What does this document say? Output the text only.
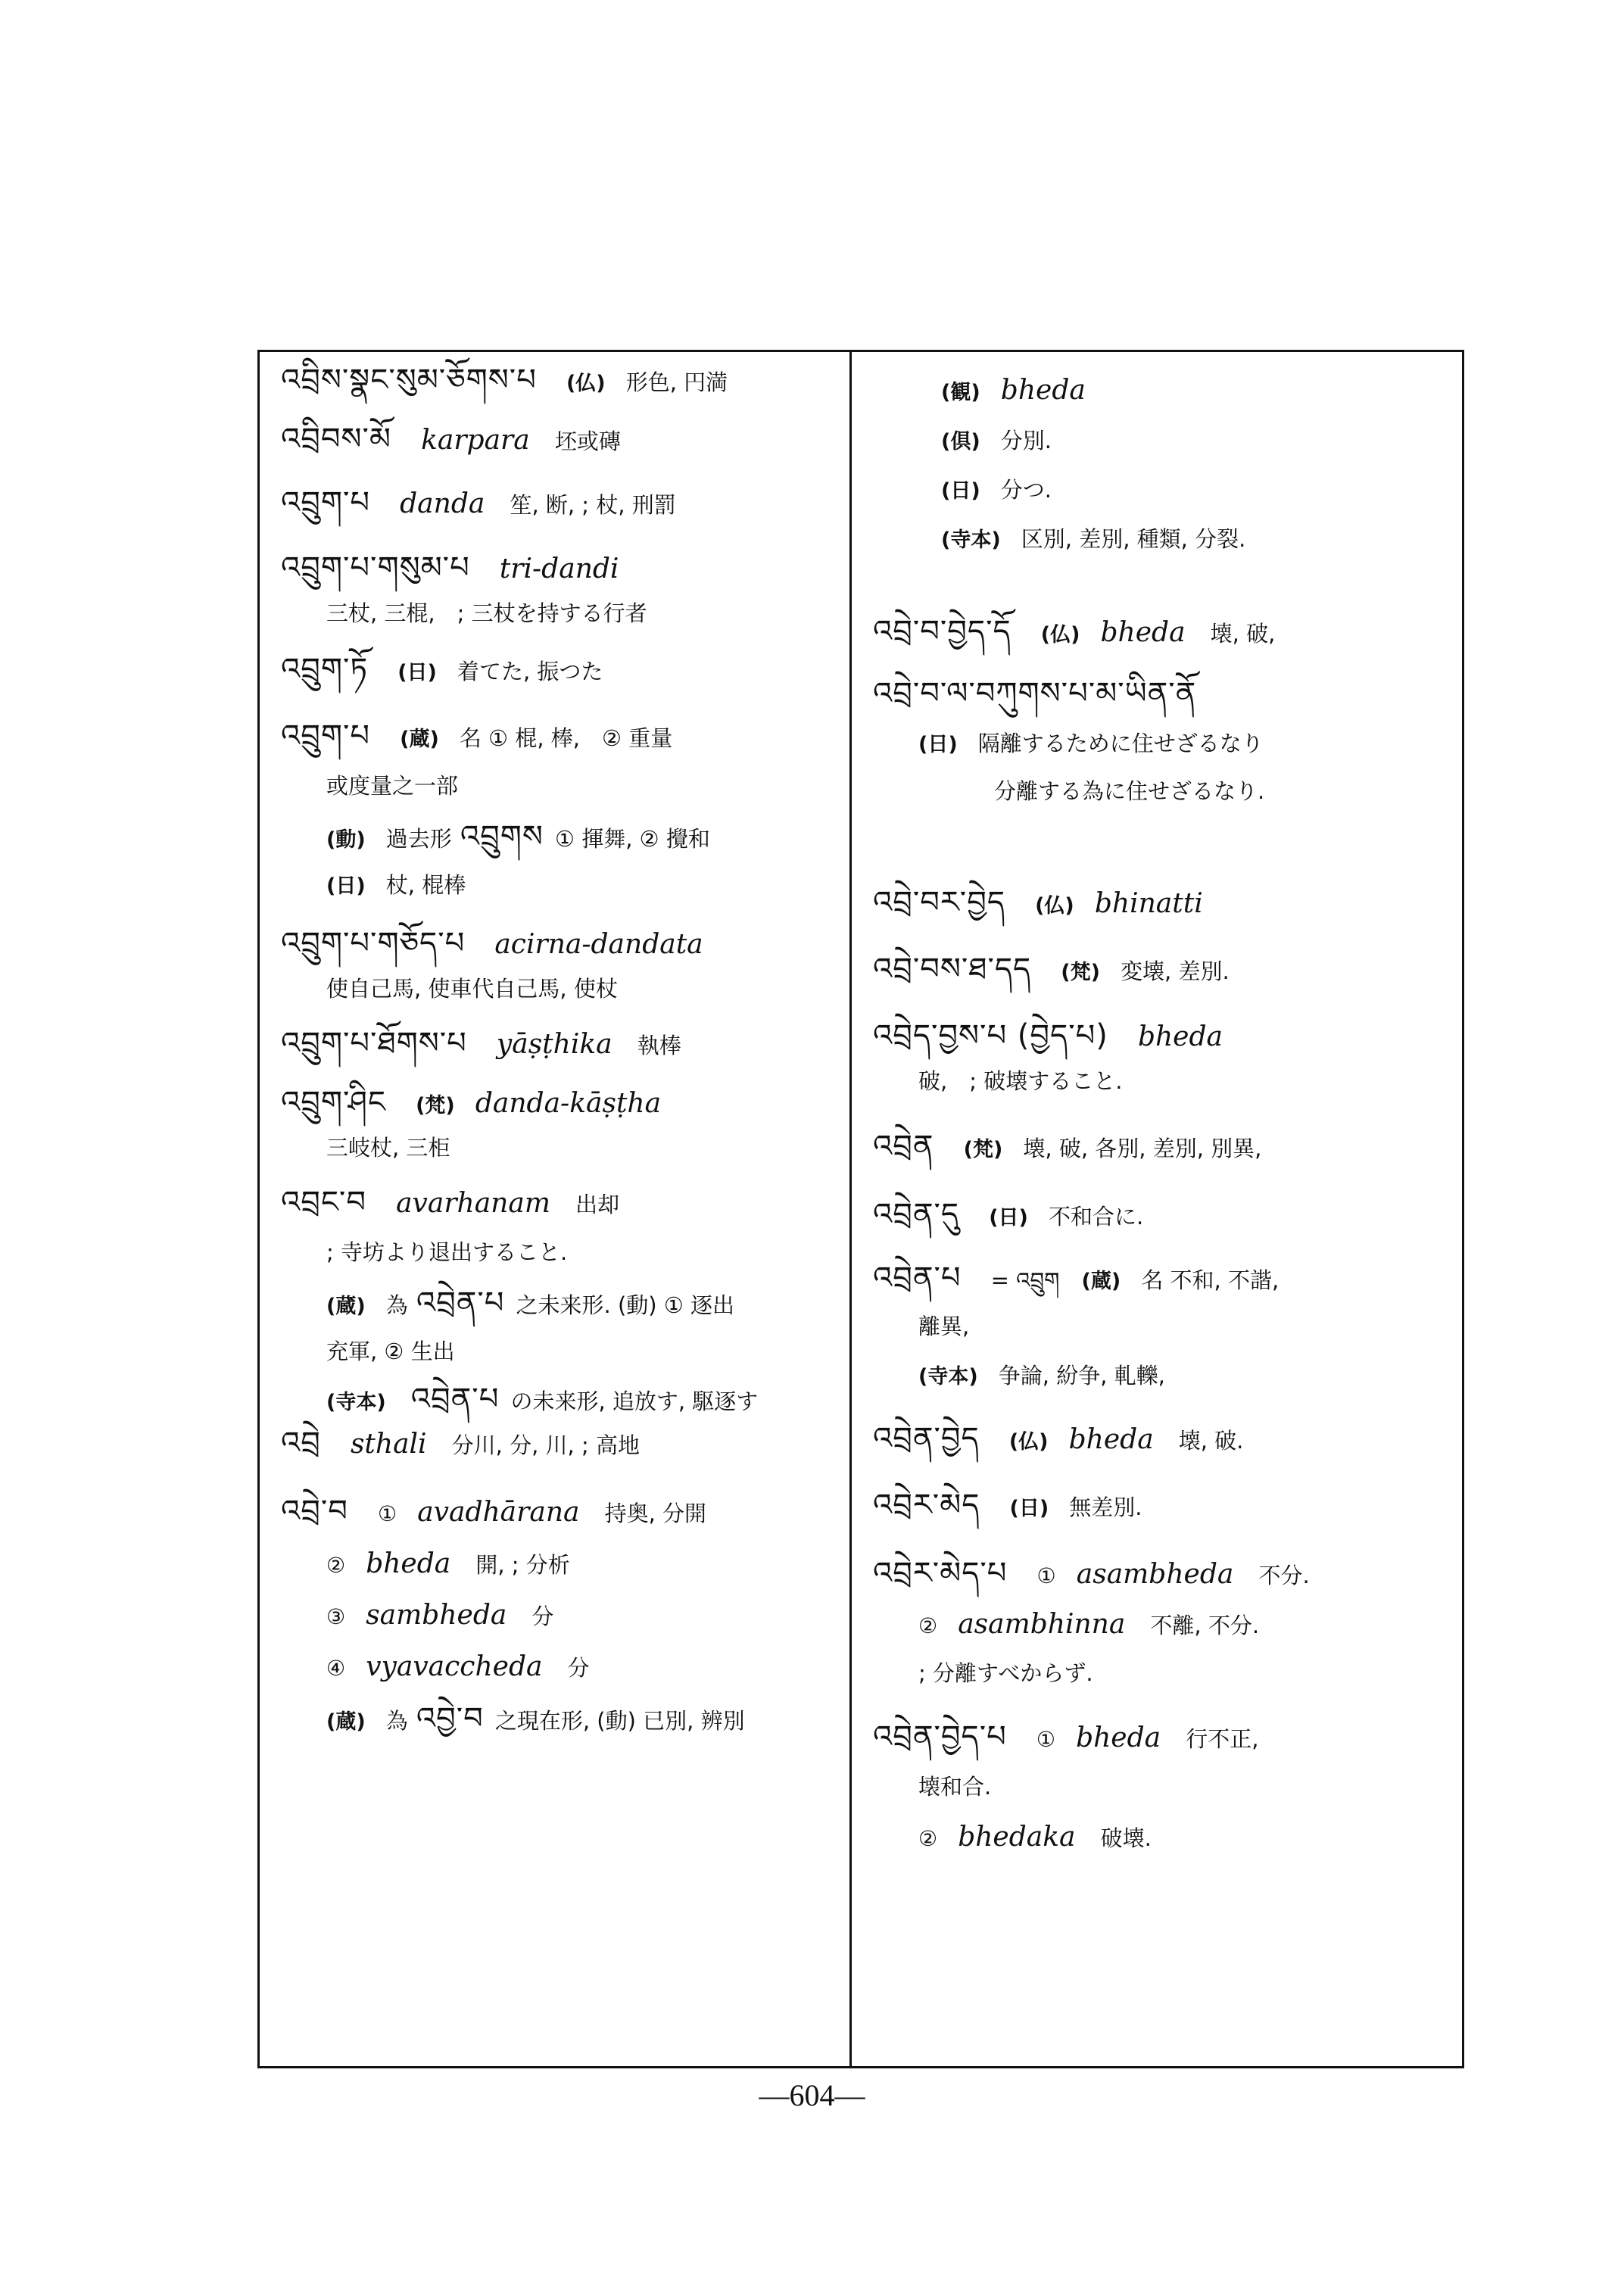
འབྲིས་སྣང་སུམ་ཅོགས་པ (仏) 形色, 円満
འབྲིབས་མོ karpara 坯或磚
འབྲུག་པ danda 笙, 断, ; 杖, 刑罰
འབྲུག་པ་གསུམ་པ tri-dandi
三杖, 三棍,　; 三杖を持する行者
འབྲུག་ཏོ (日) 着てた, 振つた
འབྲུག་པ (蔵) 名 ① 棍, 棒,　② 重量
或度量之一部
(動) 過去形 འབྲུགས ① 揮舞, ② 攪和
(日) 杖, 棍棒
འབྲུག་པ་གཅོད་པ acirna-dandata
使自己馬, 使車代自己馬, 使杖
འབྲུག་པ་ཐོགས་པ yāṣṭhika 執棒
འབྲུག་ཤིང (梵) danda-kāṣṭha
三岐杖, 三柜
འབྲང་བ avarhanam 出却
; 寺坊より退出すること.
(蔵) 為 འབྲེན་པ 之未来形. (動) ① 逐出
充軍, ② 生出
(寺本) འབྲེན་པ の未来形, 追放す, 駆逐す
འབྲེ sthali 分川, 分, 川, ; 高地
འབྲེ་བ ① avadhārana 持奥, 分開
② bheda 開, ; 分析
③ sambheda 分
④ vyavaccheda 分
(蔵) 為 འབྱེ་བ 之現在形, (動) 已別, 辨別
(観) bheda
(倶) 分別.
(日) 分つ.
(寺本) 区別, 差別, 種類, 分裂.
འབྲེ་བ་བྱེད་དོ (仏) bheda 壊, 破,
འབྲེ་བ་ལ་བཀུགས་པ་མ་ཡིན་ནོ
(日) 隔離するために住せざるなり
分離する為に住せざるなり.
འབྲེ་བར་བྱེད (仏) bhinatti
འབྲེ་བས་ཐ་དད (梵) 変壊, 差別.
འབྲེད་བྱས་པ (བྱེད་པ) bheda
破,　; 破壊すること.
འབྲེན (梵) 壊, 破, 各別, 差別, 別異,
འབྲེན་དུ (日) 不和合に.
འབྲེན་པ = འབྲུག (蔵) 名 不和, 不諧,
離異,
(寺本) 争論, 紛争, 軋轢,
འབྲེན་བྱེད (仏) bheda 壊, 破.
འབྲེར་མེད (日) 無差別.
འབྲེར་མེད་པ ① asambheda 不分.
② asambhinna 不離, 不分.
; 分離すべからず.
འབྲེན་བྱེད་པ ① bheda 行不正,
壊和合.
② bhedaka 破壊.
—604—
